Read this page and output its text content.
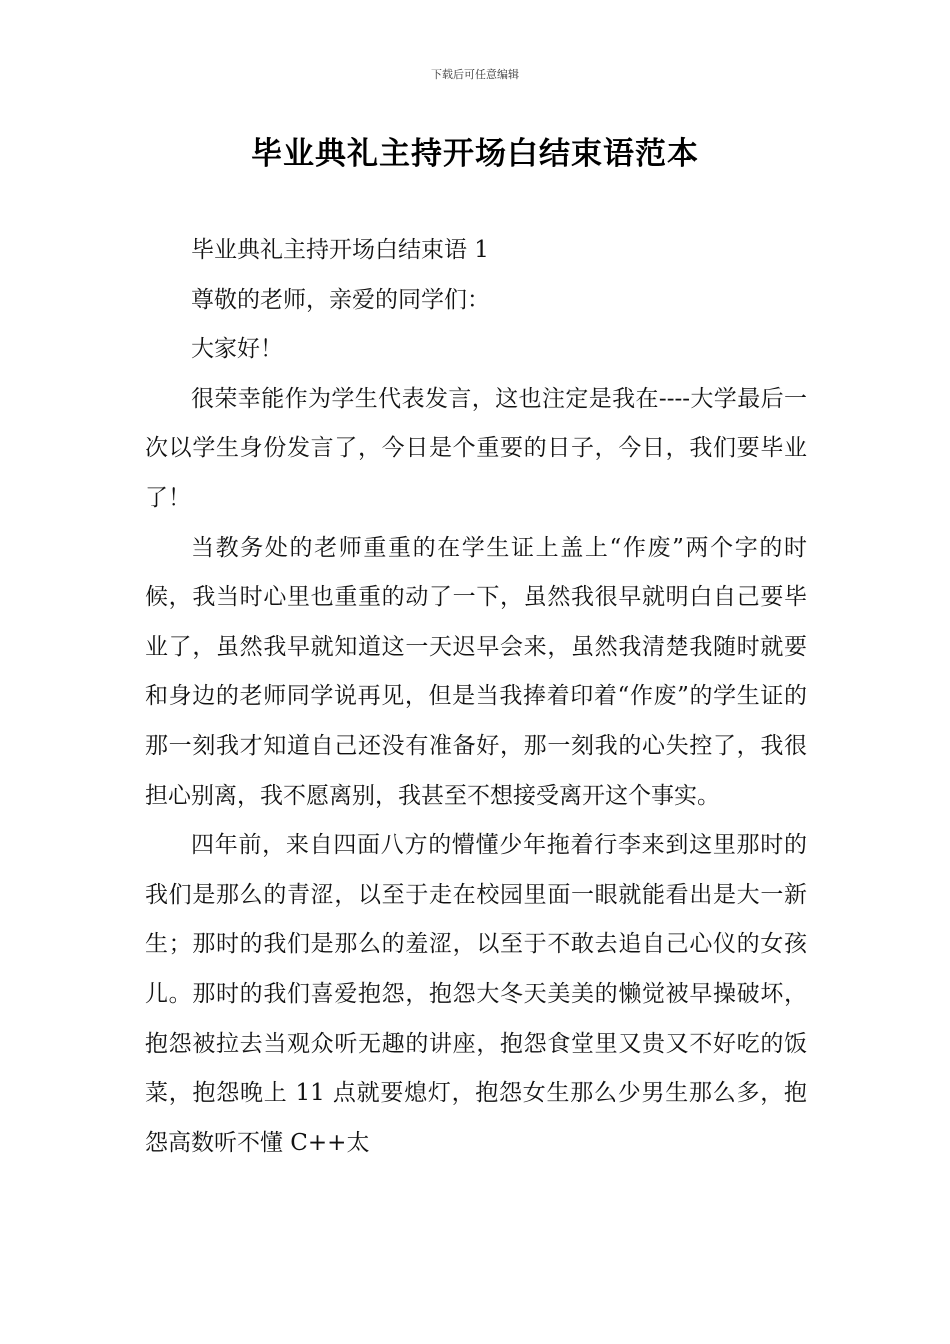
下载后可任意编辑
毕业典礼主持开场白结束语范本

毕业典礼主持开场白结束语 1

尊敬的老师，亲爱的同学们：

大家好！

很荣幸能作为学生代表发言，这也注定是我在----大学最后一次以学生身份发言了，今日是个重要的日子，今日，我们要毕业了！

当教务处的老师重重的在学生证上盖上“作废”两个字的时候，我当时心里也重重的动了一下，虽然我很早就明白自己要毕业了，虽然我早就知道这一天迟早会来，虽然我清楚我随时就要和身边的老师同学说再见，但是当我捧着印着“作废”的学生证的那一刻我才知道自己还没有准备好，那一刻我的心失控了，我很担心别离，我不愿离别，我甚至不想接受离开这个事实。

四年前，来自四面八方的懵懂少年拖着行李来到这里那时的我们是那么的青涩，以至于走在校园里面一眼就能看出是大一新生；那时的我们是那么的羞涩，以至于不敢去追自己心仪的女孩儿。那时的我们喜爱抱怨，抱怨大冬天美美的懒觉被早操破坏，抱怨被拉去当观众听无趣的讲座，抱怨食堂里又贵又不好吃的饭菜，抱怨晚上 11 点就要熄灯，抱怨女生那么少男生那么多，抱怨高数听不懂 C++太
